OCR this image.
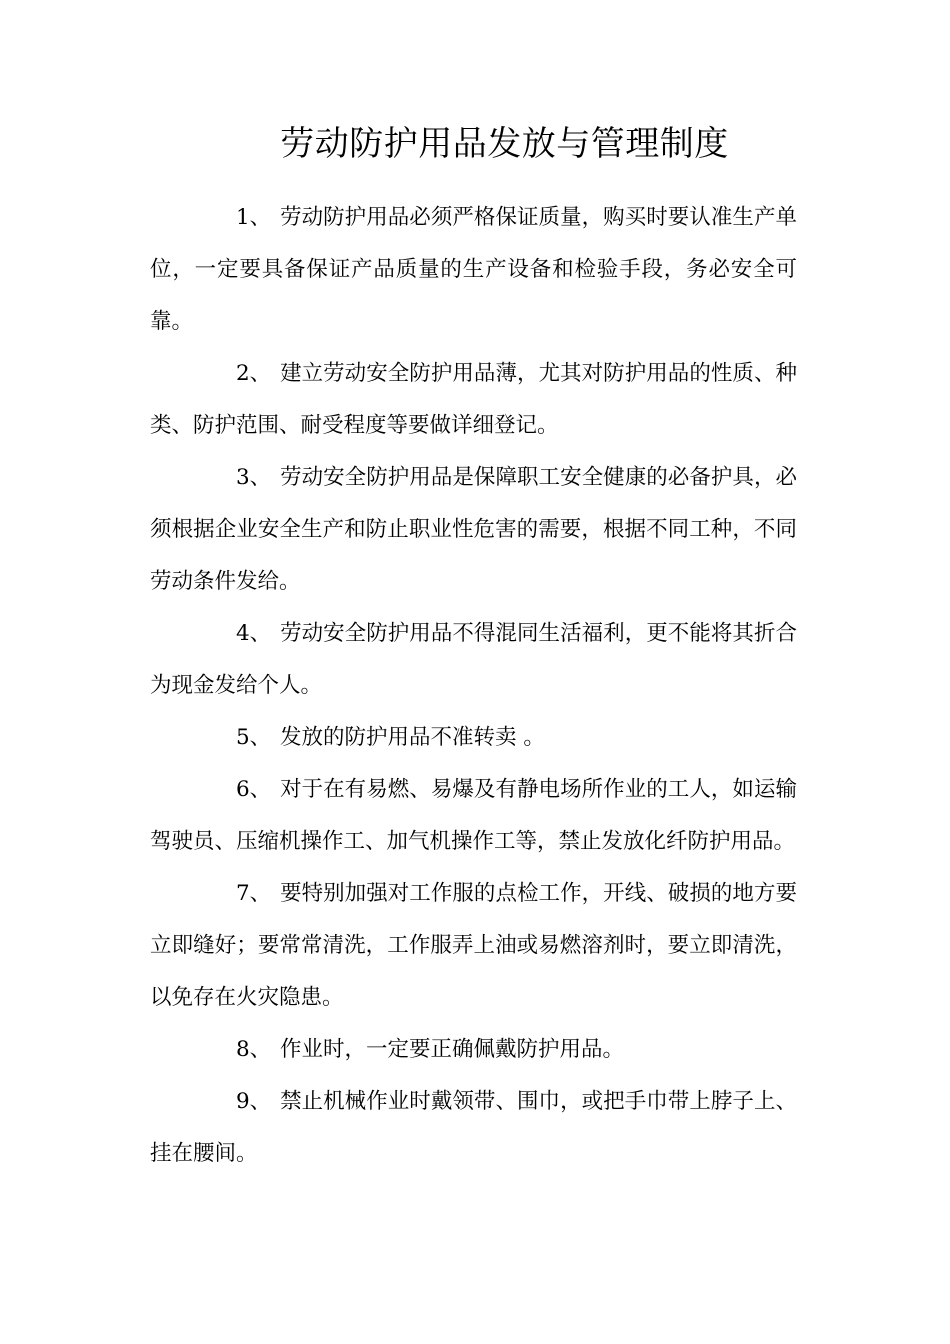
劳动防护用品发放与管理制度

1、 劳动防护用品必须严格保证质量，购买时要认准生产单位，一定要具备保证产品质量的生产设备和检验手段，务必安全可靠。

2、 建立劳动安全防护用品薄，尤其对防护用品的性质、种类、防护范围、耐受程度等要做详细登记。

3、 劳动安全防护用品是保障职工安全健康的必备护具，必须根据企业安全生产和防止职业性危害的需要，根据不同工种，不同劳动条件发给。

4、 劳动安全防护用品不得混同生活福利，更不能将其折合为现金发给个人。

5、 发放的防护用品不准转卖 。

6、 对于在有易燃、易爆及有静电场所作业的工人，如运输驾驶员、压缩机操作工、加气机操作工等，禁止发放化纤防护用品。

7、 要特别加强对工作服的点检工作，开线、破损的地方要立即缝好；要常常清洗，工作服弄上油或易燃溶剂时，要立即清洗，以免存在火灾隐患。

8、 作业时，一定要正确佩戴防护用品。

9、 禁止机械作业时戴领带、围巾，或把手巾带上脖子上、挂在腰间。
